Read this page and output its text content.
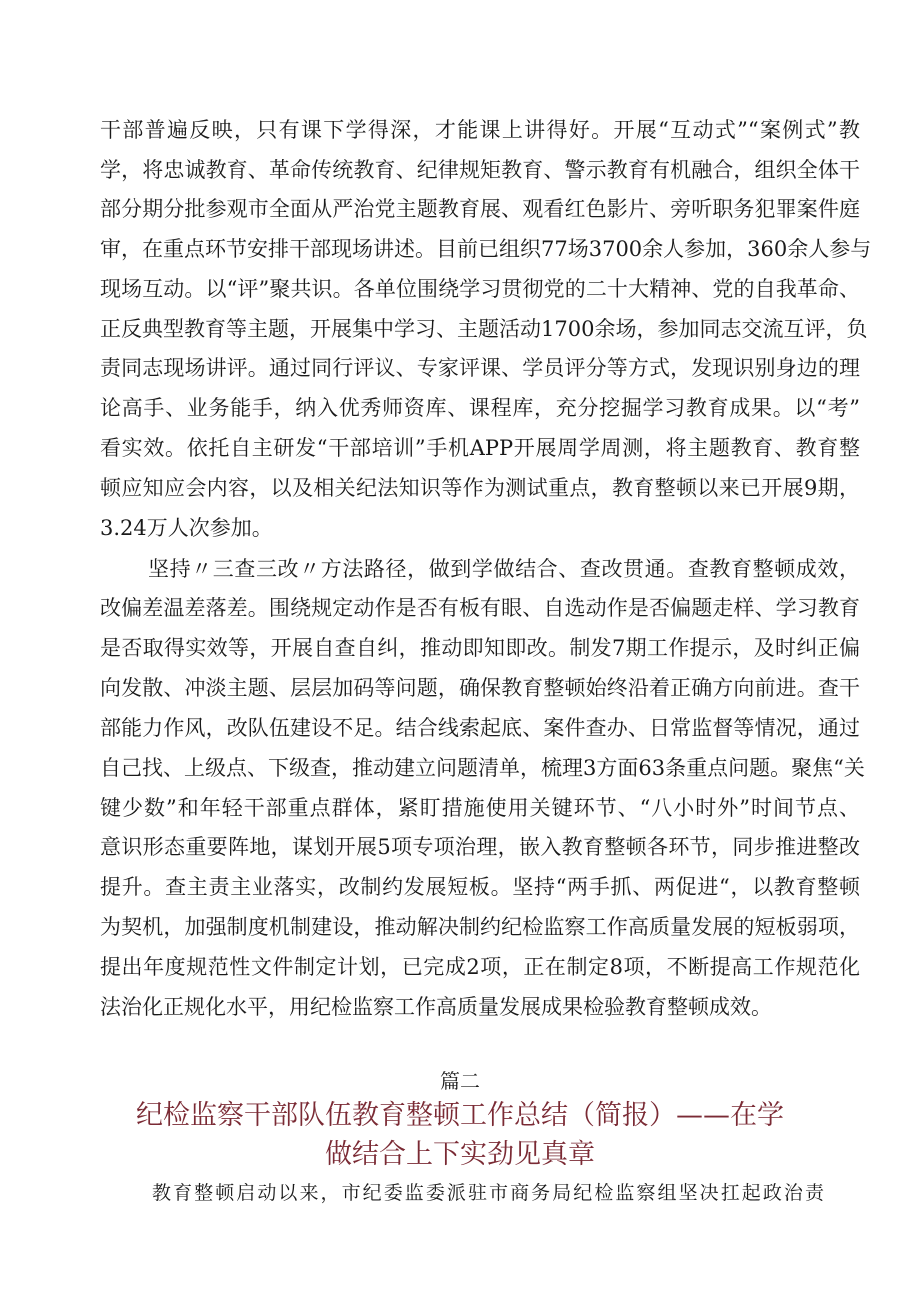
干部普遍反映，只有课下学得深，才能课上讲得好。开展“互动式”“案例式”教
学，将忠诚教育、革命传统教育、纪律规矩教育、警示教育有机融合，组织全体干
部分期分批参观市全面从严治党主题教育展、观看红色影片、旁听职务犯罪案件庭
审，在重点环节安排干部现场讲述。目前已组织77场3700余人参加，360余人参与
现场互动。以“评”聚共识。各单位围绕学习贯彻党的二十大精神、党的自我革命、
正反典型教育等主题，开展集中学习、主题活动1700余场，参加同志交流互评，负
责同志现场讲评。通过同行评议、专家评课、学员评分等方式，发现识别身边的理
论高手、业务能手，纳入优秀师资库、课程库，充分挖掘学习教育成果。以“考”
看实效。依托自主研发“干部培训”手机APP开展周学周测，将主题教育、教育整
顿应知应会内容，以及相关纪法知识等作为测试重点，教育整顿以来已开展9期，
3.24万人次参加。
坚持〃三查三改〃方法路径，做到学做结合、查改贯通。查教育整顿成效，
改偏差温差落差。围绕规定动作是否有板有眼、自选动作是否偏题走样、学习教育
是否取得实效等，开展自查自纠，推动即知即改。制发7期工作提示，及时纠正偏
向发散、冲淡主题、层层加码等问题，确保教育整顿始终沿着正确方向前进。查干
部能力作风，改队伍建设不足。结合线索起底、案件查办、日常监督等情况，通过
自己找、上级点、下级查，推动建立问题清单，梳理3方面63条重点问题。聚焦“关
键少数”和年轻干部重点群体，紧盯措施使用关键环节、“八小时外”时间节点、
意识形态重要阵地，谋划开展5项专项治理，嵌入教育整顿各环节，同步推进整改
提升。查主责主业落实，改制约发展短板。坚持“两手抓、两促进“，以教育整顿
为契机，加强制度机制建设，推动解决制约纪检监察工作高质量发展的短板弱项，
提出年度规范性文件制定计划，已完成2项，正在制定8项，不断提高工作规范化
法治化正规化水平，用纪检监察工作高质量发展成果检验教育整顿成效。
篇二
纪检监察干部队伍教育整顿工作总结（简报）——在学
做结合上下实劲见真章
教育整顿启动以来，市纪委监委派驻市商务局纪检监察组坚决扛起政治责
